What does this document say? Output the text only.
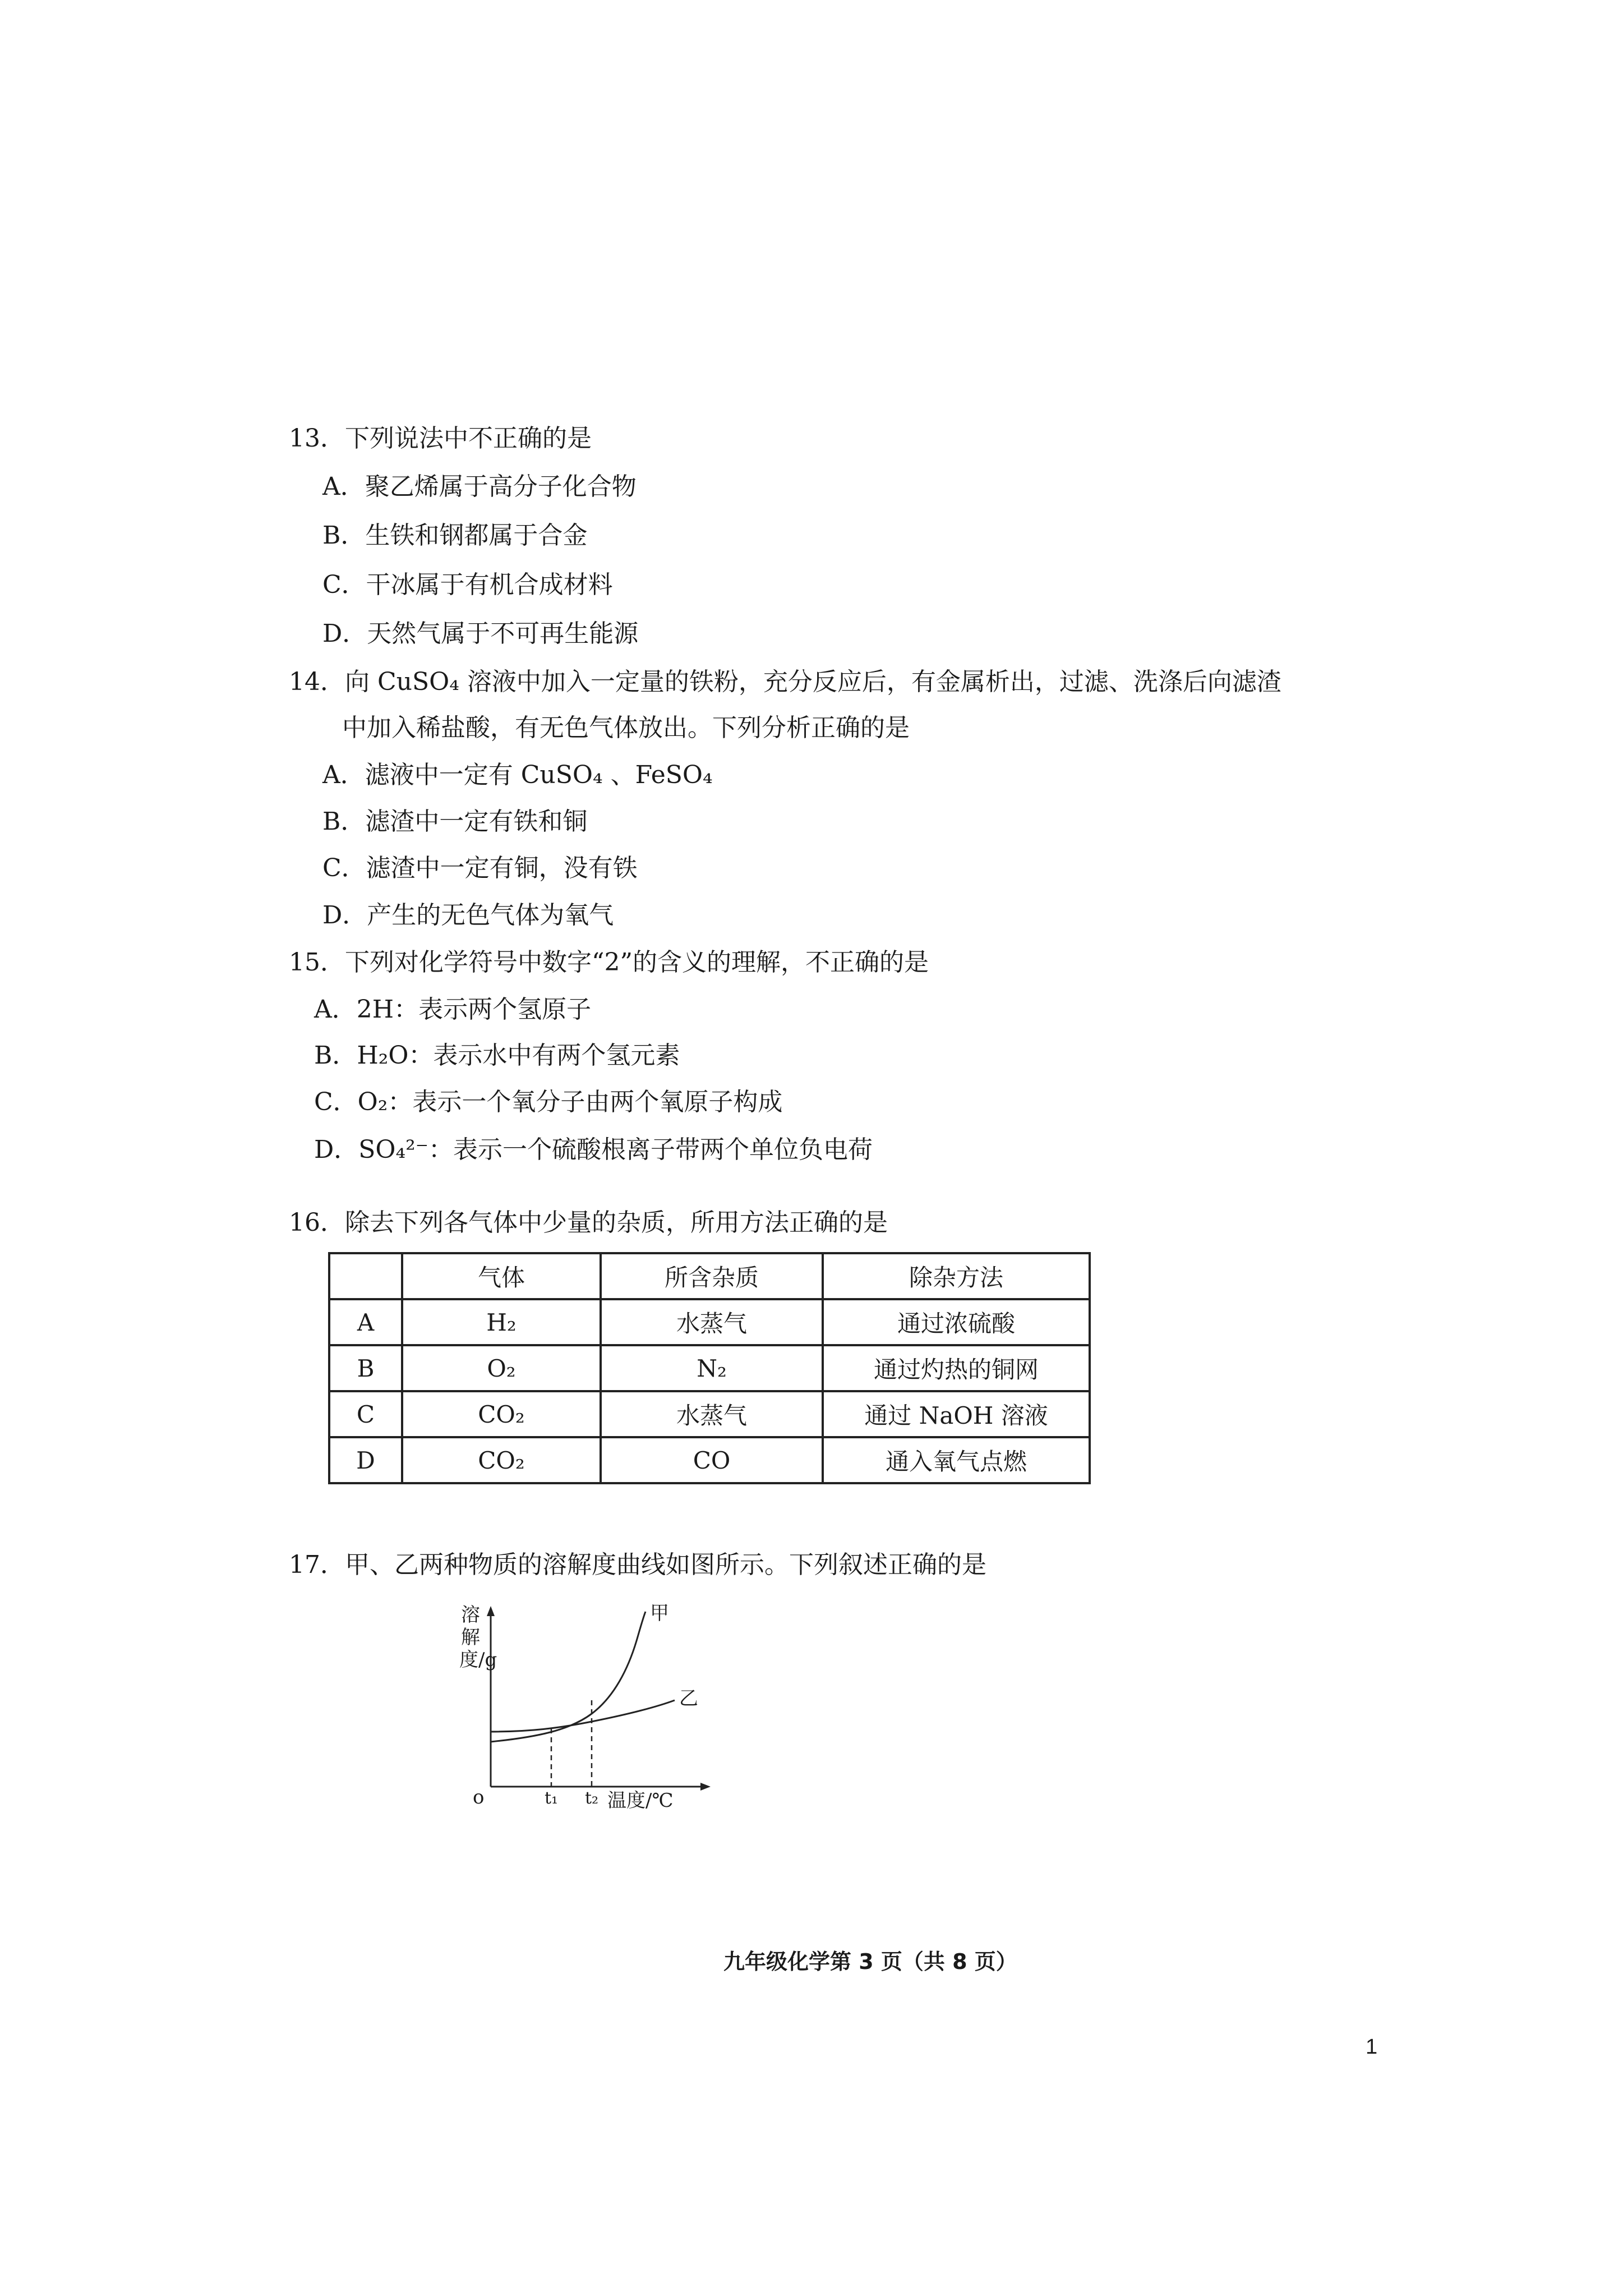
13．下列说法中不正确的是
A．聚乙烯属于高分子化合物
B．生铁和钢都属于合金
C．干冰属于有机合成材料
D．天然气属于不可再生能源
14．向 CuSO₄ 溶液中加入一定量的铁粉，充分反应后，有金属析出，过滤、洗涤后向滤渣
中加入稀盐酸，有无色气体放出。下列分析正确的是
A．滤液中一定有 CuSO₄ 、FeSO₄
B．滤渣中一定有铁和铜
C．滤渣中一定有铜，没有铁
D．产生的无色气体为氧气
15．下列对化学符号中数字“2”的含义的理解，不正确的是
A．2H：表示两个氢原子
B．H₂O：表示水中有两个氢元素
C．O₂：表示一个氧分子由两个氧原子构成
D．SO₄²⁻：表示一个硫酸根离子带两个单位负电荷
16．除去下列各气体中少量的杂质，所用方法正确的是
	气体	所含杂质	除杂方法
A	H₂	水蒸气	通过浓硫酸
B	O₂	N₂	通过灼热的铜网
C	CO₂	水蒸气	通过 NaOH 溶液
D	CO₂	CO	通入氧气点燃
17．甲、乙两种物质的溶解度曲线如图所示。下列叙述正确的是
溶解度/g
o	t₁ t₂ 温度/℃
甲
乙
九年级化学第 3 页（共 8 页）
1
